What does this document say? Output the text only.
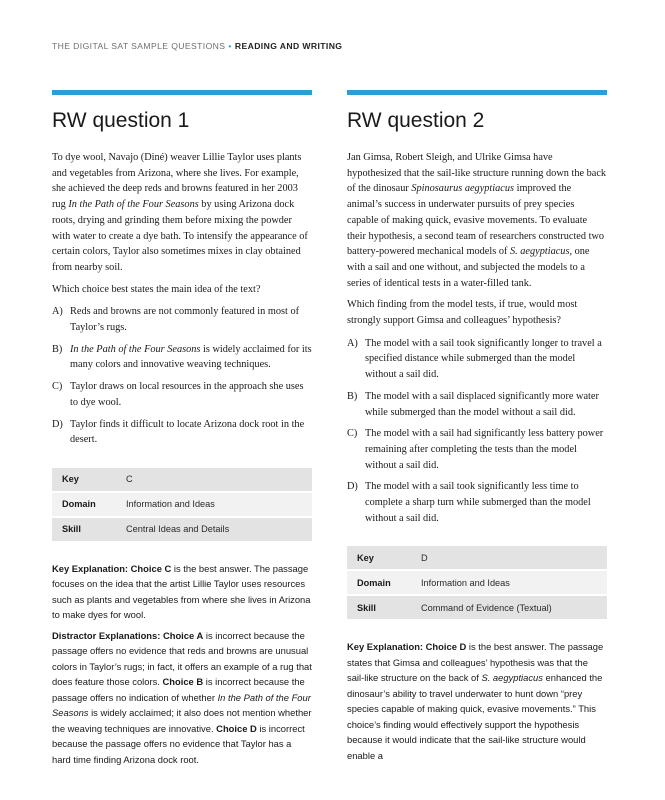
THE DIGITAL SAT SAMPLE QUESTIONS • READING AND WRITING
RW question 1

To dye wool, Navajo (Diné) weaver Lillie Taylor uses plants and vegetables from Arizona, where she lives. For example, she achieved the deep reds and browns featured in her 2003 rug In the Path of the Four Seasons by using Arizona dock roots, drying and grinding them before mixing the powder with water to create a dye bath. To intensify the appearance of certain colors, Taylor also sometimes mixes in clay obtained from nearby soil.

Which choice best states the main idea of the text?

A) Reds and browns are not commonly featured in most of Taylor’s rugs.
B) In the Path of the Four Seasons is widely acclaimed for its many colors and innovative weaving techniques.
C) Taylor draws on local resources in the approach she uses to dye wool.
D) Taylor finds it difficult to locate Arizona dock root in the desert.
Key	C
Domain	Information and Ideas
Skill	Central Ideas and Details

Key Explanation: Choice C is the best answer. The passage focuses on the idea that the artist Lillie Taylor uses resources such as plants and vegetables from where she lives in Arizona to make dyes for wool.

Distractor Explanations: Choice A is incorrect because the passage offers no evidence that reds and browns are unusual colors in Taylor’s rugs; in fact, it offers an example of a rug that does feature those colors. Choice B is incorrect because the passage offers no indication of whether In the Path of the Four Seasons is widely acclaimed; it also does not mention whether the weaving techniques are innovative. Choice D is incorrect because the passage offers no evidence that Taylor has a hard time finding Arizona dock root.

RW question 2

Jan Gimsa, Robert Sleigh, and Ulrike Gimsa have hypothesized that the sail-like structure running down the back of the dinosaur Spinosaurus aegyptiacus improved the animal’s success in underwater pursuits of prey species capable of making quick, evasive movements. To evaluate their hypothesis, a second team of researchers constructed two battery-powered mechanical models of S. aegyptiacus, one with a sail and one without, and subjected the models to a series of identical tests in a water-filled tank.

Which finding from the model tests, if true, would most strongly support Gimsa and colleagues’ hypothesis?

A) The model with a sail took significantly longer to travel a specified distance while submerged than the model without a sail did.
B) The model with a sail displaced significantly more water while submerged than the model without a sail did.
C) The model with a sail had significantly less battery power remaining after completing the tests than the model without a sail did.
D) The model with a sail took significantly less time to complete a sharp turn while submerged than the model without a sail did.
Key	D
Domain	Information and Ideas
Skill	Command of Evidence (Textual)

Key Explanation: Choice D is the best answer. The passage states that Gimsa and colleagues’ hypothesis was that the sail-like structure on the back of S. aegyptiacus enhanced the dinosaur’s ability to travel underwater to hunt down “prey species capable of making quick, evasive movements.” This choice’s finding would effectively support the hypothesis because it would indicate that the sail-like structure would enable a
